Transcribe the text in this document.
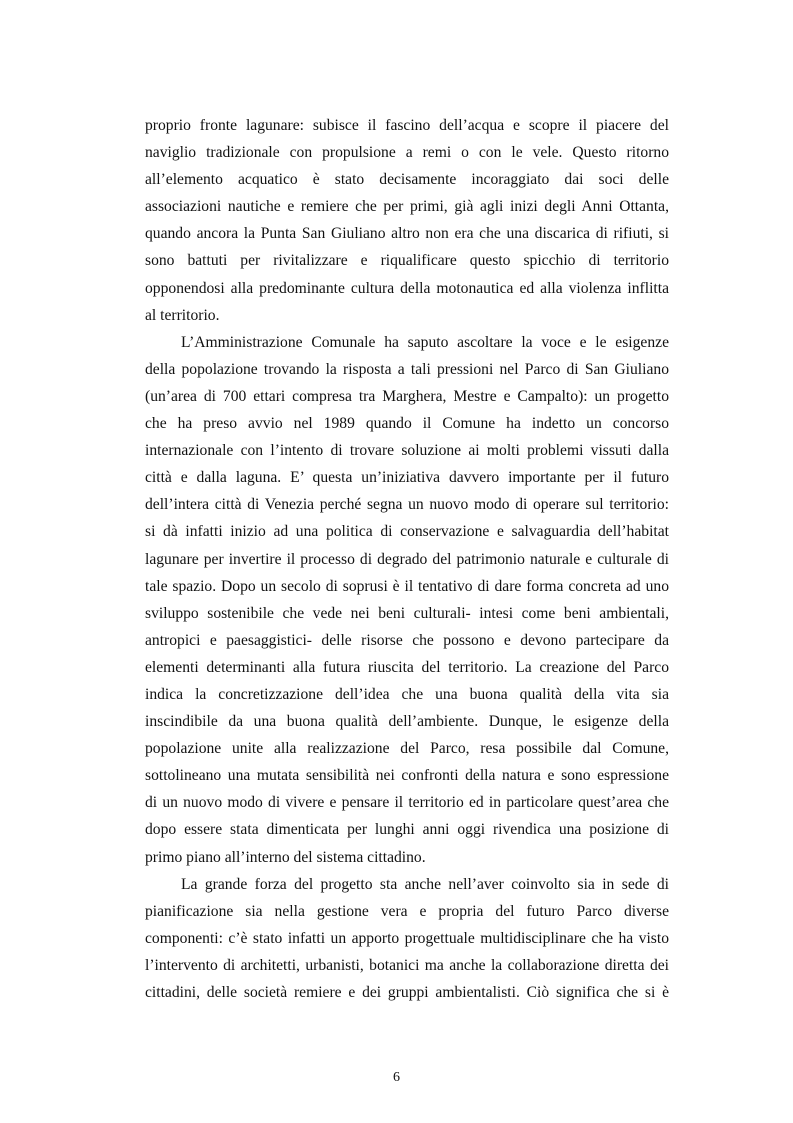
proprio fronte lagunare: subisce il fascino dell’acqua e scopre il piacere del
naviglio tradizionale con propulsione a remi o con le vele. Questo ritorno
all’elemento acquatico è stato decisamente incoraggiato dai soci delle
associazioni nautiche e remiere che per primi, già agli inizi degli Anni Ottanta,
quando ancora la Punta San Giuliano altro non era che una discarica di rifiuti, si
sono battuti per rivitalizzare e riqualificare questo spicchio di territorio
opponendosi alla predominante cultura della motonautica ed alla violenza inflitta
al territorio.
L’Amministrazione Comunale ha saputo ascoltare la voce e le esigenze
della popolazione trovando la risposta a tali pressioni nel Parco di San Giuliano
(un’area di 700 ettari compresa tra Marghera, Mestre e Campalto): un progetto
che ha preso avvio nel 1989 quando il Comune ha indetto un concorso
internazionale con l’intento di trovare soluzione ai molti problemi vissuti dalla
città e dalla laguna. E’ questa un’iniziativa davvero importante per il futuro
dell’intera città di Venezia perché segna un nuovo modo di operare sul territorio:
si dà infatti inizio ad una politica di conservazione e salvaguardia dell’habitat
lagunare per invertire il processo di degrado del patrimonio naturale e culturale di
tale spazio. Dopo un secolo di soprusi è il tentativo di dare forma concreta ad uno
sviluppo sostenibile che vede nei beni culturali- intesi come beni ambientali,
antropici e paesaggistici- delle risorse che possono e devono partecipare da
elementi determinanti alla futura riuscita del territorio. La creazione del Parco
indica la concretizzazione dell’idea che una buona qualità della vita sia
inscindibile da una buona qualità dell’ambiente. Dunque, le esigenze della
popolazione unite alla realizzazione del Parco, resa possibile dal Comune,
sottolineano una mutata sensibilità nei confronti della natura e sono espressione
di un nuovo modo di vivere e pensare il territorio ed in particolare quest’area che
dopo essere stata dimenticata per lunghi anni oggi rivendica una posizione di
primo piano all’interno del sistema cittadino.
La grande forza del progetto sta anche nell’aver coinvolto sia in sede di
pianificazione sia nella gestione vera e propria del futuro Parco diverse
componenti: c’è stato infatti un apporto progettuale multidisciplinare che ha visto
l’intervento di architetti, urbanisti, botanici ma anche la collaborazione diretta dei
cittadini, delle società remiere e dei gruppi ambientalisti. Ciò significa che si è
6
